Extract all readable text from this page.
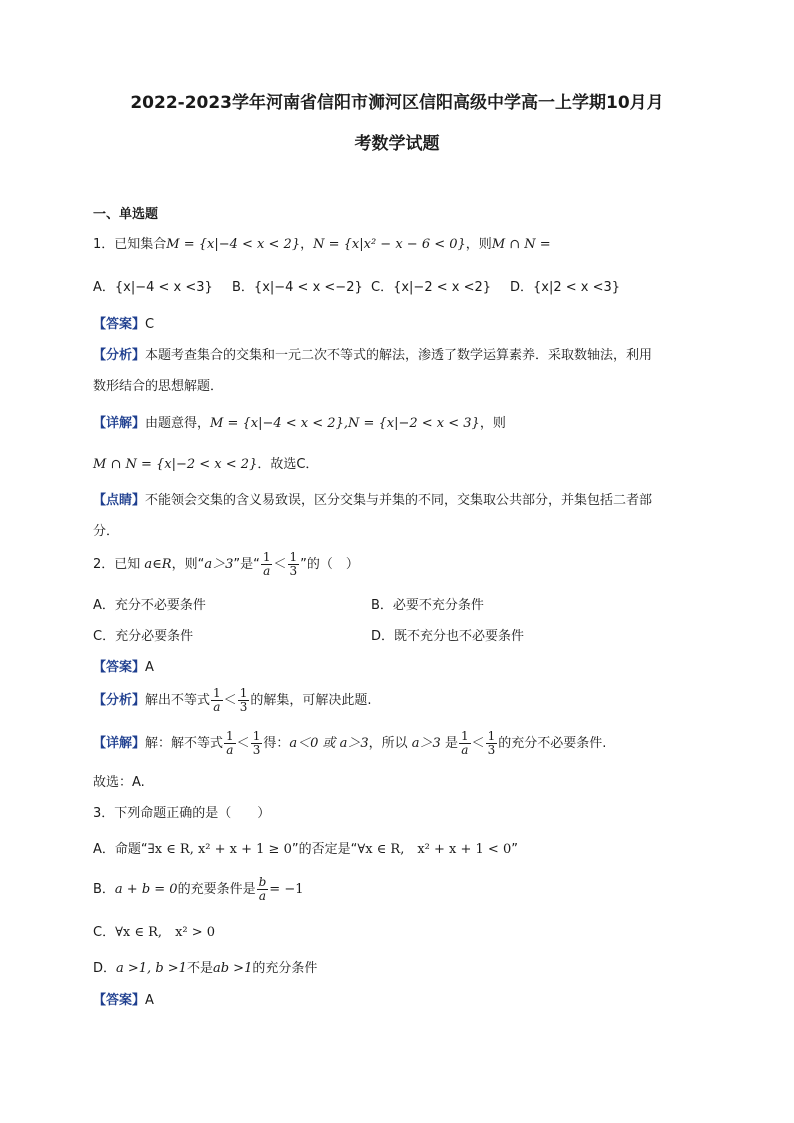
2022-2023学年河南省信阳市浉河区信阳高级中学高一上学期10月月
考数学试题
一、单选题
1．已知集合M = {x|−4 < x < 2}，N = {x|x² − x − 6 < 0}，则M ∩ N =
A．{x|−4 < x <3} B．{x|−4 < x <−2} C．{x|−2 < x <2} D．{x|2 < x <3}
【答案】C
【分析】本题考查集合的交集和一元二次不等式的解法，渗透了数学运算素养．采取数轴法，利用
数形结合的思想解题．
【详解】由题意得，M = {x|−4 < x < 2},N = {x|−2 < x < 3}，则
M ∩ N = {x|−2 < x < 2}．故选C．
【点睛】不能领会交集的含义易致误，区分交集与并集的不同，交集取公共部分，并集包括二者部
分．
2．已知 a∈R，则“a＞3”是“ $\frac{1}{a} < \frac{1}{3}$ ”的（　）
A．充分不必要条件	B．必要不充分条件
C．充分必要条件	D．既不充分也不必要条件
【答案】A
【分析】解出不等式 $\frac{1}{a} < \frac{1}{3}$ 的解集，可解决此题.
【详解】解：解不等式 $\frac{1}{a} < \frac{1}{3}$ 得：a＜0 或 a＞3，所以 a＞3 是 $\frac{1}{a} < \frac{1}{3}$ 的充分不必要条件.
故选：A.
3．下列命题正确的是（　　）
A．命题“∃x ∈ R, x² + x + 1 ≥ 0”的否定是“∀x ∈ R,　x² + x + 1 < 0”
B．a + b = 0的充要条件是 $\frac{b}{a} = -1$
C．∀x ∈ R,　x² > 0
D．a >1, b >1不是ab >1的充分条件
【答案】A
